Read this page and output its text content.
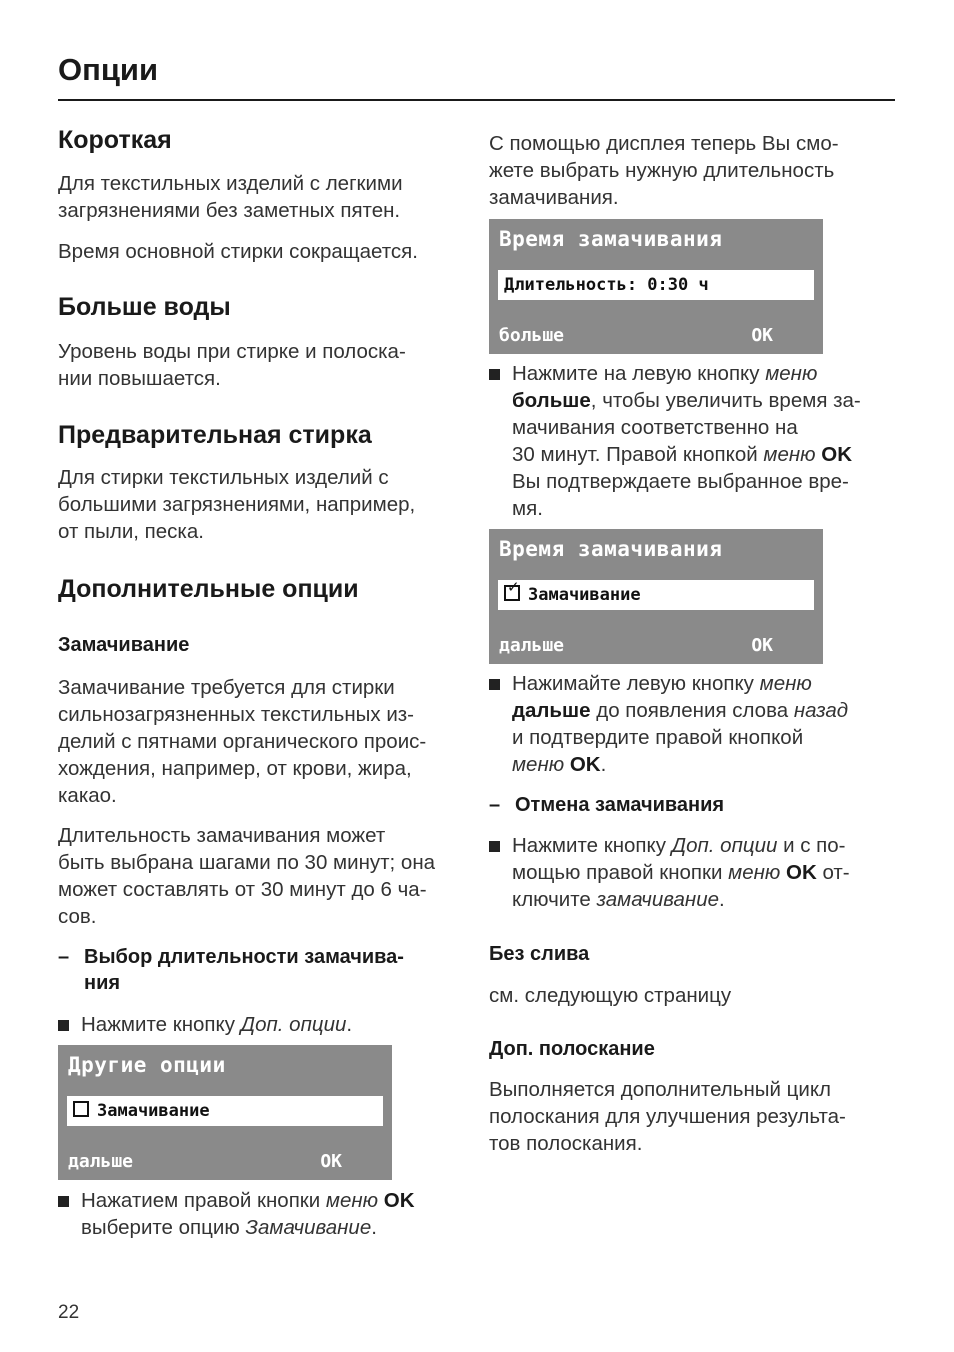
Опции
Короткая
Для текстильных изделий с легкими
загрязнениями без заметных пятен.
Время основной стирки сокращается.
Больше воды
Уровень воды при стирке и полоска-
нии повышается.
Предварительная стирка
Для стирки текстильных изделий с
большими загрязнениями, например,
от пыли, песка.
Дополнительные опции
Замачивание
Замачивание требуется для стирки
сильнозагрязненных текстильных из-
делий с пятнами органического проис-
хождения, например, от крови, жира,
какао.
Длительность замачивания может
быть выбрана шагами по 30 минут; она
может составлять от 30 минут до 6 ча-
сов.
– Выбор длительности замачива-
ния
Нажмите кнопку Доп. опции.
Другие опции
Замачивание
дальше	OK
Нажатием правой кнопки меню OK
выберите опцию Замачивание.
С помощью дисплея теперь Вы смо-
жете выбрать нужную длительность
замачивания.
Время замачивания
Длительность: 0:30 ч
больше	OK
Нажмите на левую кнопку меню
больше, чтобы увеличить время за-
мачивания соответственно на
30 минут. Правой кнопкой меню OK
Вы подтверждаете выбранное вре-
мя.
Время замачивания
✓ Замачивание
дальше	OK
Нажимайте левую кнопку меню
дальше до появления слова назад
и подтвердите правой кнопкой
меню OK.
– Отмена замачивания
Нажмите кнопку Доп. опции и с по-
мощью правой кнопки меню OK от-
ключите замачивание.
Без слива
см. следующую страницу
Доп. полоскание
Выполняется дополнительный цикл
полоскания для улучшения результа-
тов полоскания.

22
